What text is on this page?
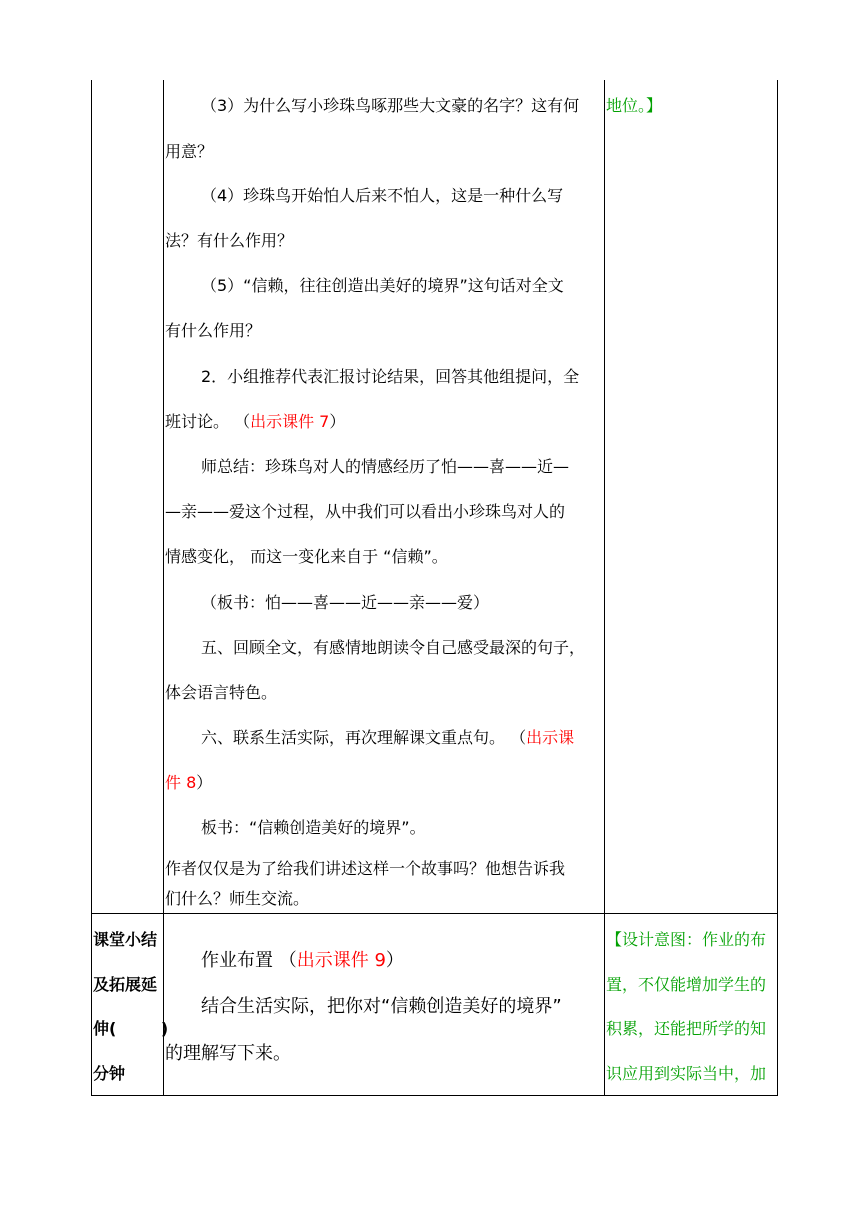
（3）为什么写小珍珠鸟啄那些大文豪的名字？这有何
用意？
（4）珍珠鸟开始怕人后来不怕人，这是一种什么写
法？有什么作用？
（5）“信赖，往往创造出美好的境界”这句话对全文
有什么作用？
2．小组推荐代表汇报讨论结果，回答其他组提问，全
班讨论。 （出示课件 7）
师总结：珍珠鸟对人的情感经历了怕——喜——近—
—亲——爱这个过程，从中我们可以看出小珍珠鸟对人的
情感变化， 而这一变化来自于 “信赖”。
（板书：怕——喜——近——亲——爱）
五、回顾全文，有感情地朗读令自己感受最深的句子，
体会语言特色。
六、联系生活实际，再次理解课文重点句。 （出示课
件 8）
板书：“信赖创造美好的境界”。
作者仅仅是为了给我们讲述这样一个故事吗？他想告诉我
们什么？师生交流。
地位。】
课堂小结
及拓展延
伸(        )
分钟
作业布置 （出示课件 9）
结合生活实际，把你对“信赖创造美好的境界”
的理解写下来。
【设计意图：作业的布
置，不仅能增加学生的
积累，还能把所学的知
识应用到实际当中，加
